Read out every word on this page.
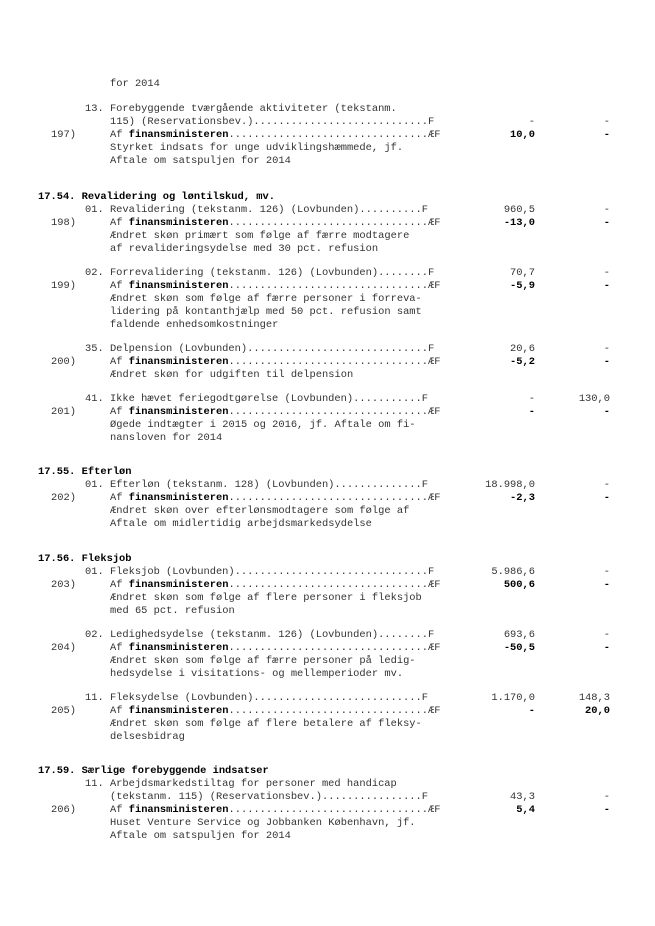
for 2014
13. Forebyggende tværgående aktiviteter (tekstanm.
115) (Reservationsbev.)............................F	-	-
197)	Af finansministeren................................ÆF	10,0	-
Styrket indsats for unge udviklingshæmmede, jf.
Aftale om satspuljen for 2014
17.54. Revalidering og løntilskud, mv.
01. Revalidering (tekstanm. 126) (Lovbunden)..........F	960,5	-
198)	Af finansministeren................................ÆF	-13,0	-
Ændret skøn primært som følge af færre modtagere
af revalideringsydelse med 30 pct. refusion
02. Forrevalidering (tekstanm. 126) (Lovbunden)........F	70,7	-
199)	Af finansministeren................................ÆF	-5,9	-
Ændret skøn som følge af færre personer i forreva-
lidering på kontanthjælp med 50 pct. refusion samt
faldende enhedsomkostninger
35. Delpension (Lovbunden).............................F	20,6	-
200)	Af finansministeren................................ÆF	-5,2	-
Ændret skøn for udgiften til delpension
41. Ikke hævet feriegodtgørelse (Lovbunden)...........F	-	130,0
201)	Af finansministeren................................ÆF	-	-
Øgede indtægter i 2015 og 2016, jf. Aftale om fi-
nansloven for 2014
17.55. Efterløn
01. Efterløn (tekstanm. 128) (Lovbunden)..............F	18.998,0	-
202)	Af finansministeren................................ÆF	-2,3	-
Ændret skøn over efterlønsmodtagere som følge af
Aftale om midlertidig arbejdsmarkedsydelse
17.56. Fleksjob
01. Fleksjob (Lovbunden)...............................F	5.986,6	-
203)	Af finansministeren................................ÆF	500,6	-
Ændret skøn som følge af flere personer i fleksjob
med 65 pct. refusion
02. Ledighedsydelse (tekstanm. 126) (Lovbunden)........F	693,6	-
204)	Af finansministeren................................ÆF	-50,5	-
Ændret skøn som følge af færre personer på ledig-
hedsydelse i visitations- og mellemperioder mv.
11. Fleksydelse (Lovbunden)...........................F	1.170,0	148,3
205)	Af finansministeren................................ÆF	-	20,0
Ændret skøn som følge af flere betalere af fleksy-
delsesbidrag
17.59. Særlige forebyggende indsatser
11. Arbejdsmarkedstiltag for personer med handicap
(tekstanm. 115) (Reservationsbev.)................F	43,3	-
206)	Af finansministeren................................ÆF	5,4	-
Huset Venture Service og Jobbanken København, jf.
Aftale om satspuljen for 2014
